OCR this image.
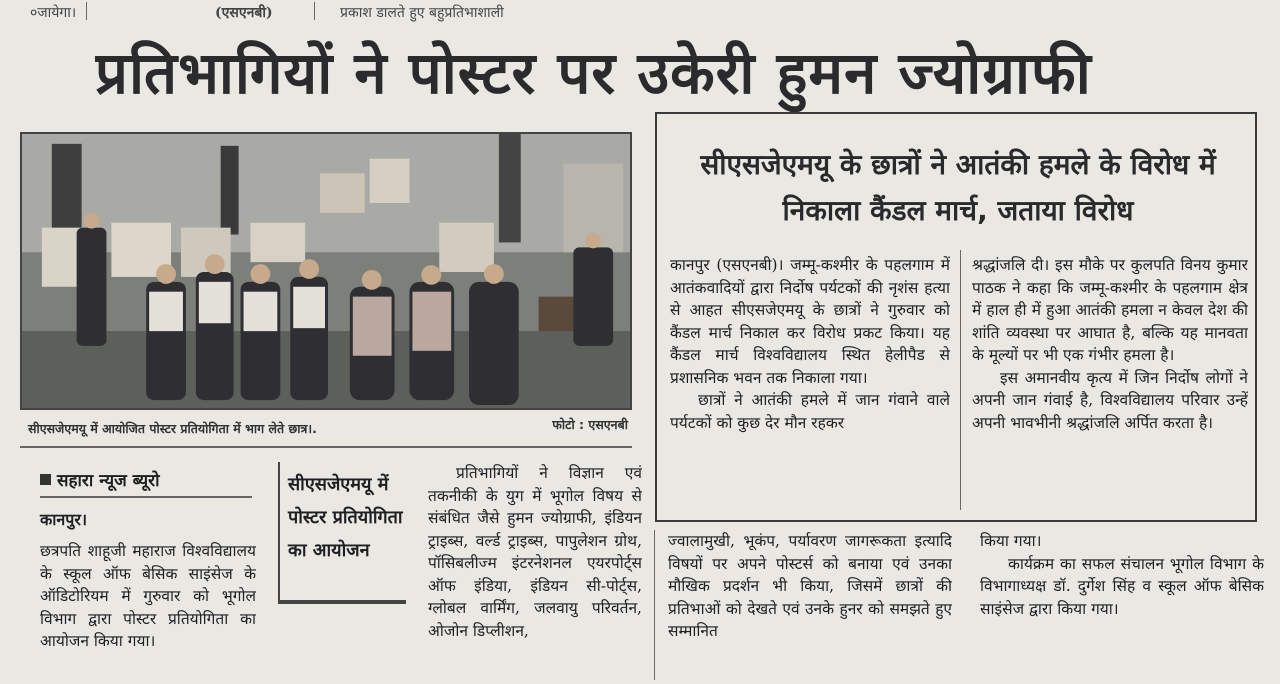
०जायेगा।	(एसएनबी)	प्रकाश डालते हुए बहुप्रतिभाशाली
प्रतिभागियों ने पोस्टर पर उकेरी हुमन ज्योग्राफी
सीएसजेएमयू में आयोजित पोस्टर प्रतियोगिता में भाग लेते छात्र।.	फोटो : एसएनबी
सहारा न्यूज ब्यूरो
कानपुर।

छत्रपति शाहूजी महाराज विश्वविद्यालय के स्कूल ऑफ बेसिक साइंसेज के ऑडिटोरियम में गुरुवार को भूगोल विभाग द्वारा पोस्टर प्रतियोगिता का आयोजन किया गया।

सीएसजेएमयू में पोस्टर प्रतियोगिता का आयोजन

प्रतिभागियों ने विज्ञान एवं तकनीकी के युग में भूगोल विषय से संबंधित जैसे हुमन ज्योग्राफी, इंडियन ट्राइब्स, वर्ल्ड ट्राइब्स, पापुलेशन ग्रोथ, पॉसिबलीज्म इंटरनेशनल एयरपोर्ट्स ऑफ इंडिया, इंडियन सी-पोर्ट्स, ग्लोबल वार्मिंग, जलवायु परिवर्तन, ओजोन डिप्लीशन,

ज्वालामुखी, भूकंप, पर्यावरण जागरूकता इत्यादि विषयों पर अपने पोस्टर्स को बनाया एवं उनका मौखिक प्रदर्शन भी किया, जिसमें छात्रों की प्रतिभाओं को देखते एवं उनके हुनर को समझते हुए सम्मानित

किया गया।

कार्यक्रम का सफल संचालन भूगोल विभाग के विभागाध्यक्ष डॉ. दुर्गेश सिंह व स्कूल ऑफ बेसिक साइंसेज द्वारा किया गया।

सीएसजेएमयू के छात्रों ने आतंकी हमले के विरोध में निकाला कैंडल मार्च, जताया विरोध

कानपुर (एसएनबी)। जम्मू-कश्मीर के पहलगाम में आतंकवादियों द्वारा निर्दोष पर्यटकों की नृशंस हत्या से आहत सीएसजेएमयू के छात्रों ने गुरुवार को कैंडल मार्च निकाल कर विरोध प्रकट किया। यह कैंडल मार्च विश्वविद्यालय स्थित हेलीपैड से प्रशासनिक भवन तक निकाला गया।

छात्रों ने आतंकी हमले में जान गंवाने वाले पर्यटकों को कुछ देर मौन रहकर

श्रद्धांजलि दी। इस मौके पर कुलपति विनय कुमार पाठक ने कहा कि जम्मू-कश्मीर के पहलगाम क्षेत्र में हाल ही में हुआ आतंकी हमला न केवल देश की शांति व्यवस्था पर आघात है, बल्कि यह मानवता के मूल्यों पर भी एक गंभीर हमला है।

इस अमानवीय कृत्य में जिन निर्दोष लोगों ने अपनी जान गंवाई है, विश्वविद्यालय परिवार उन्हें अपनी भावभीनी श्रद्धांजलि अर्पित करता है।
